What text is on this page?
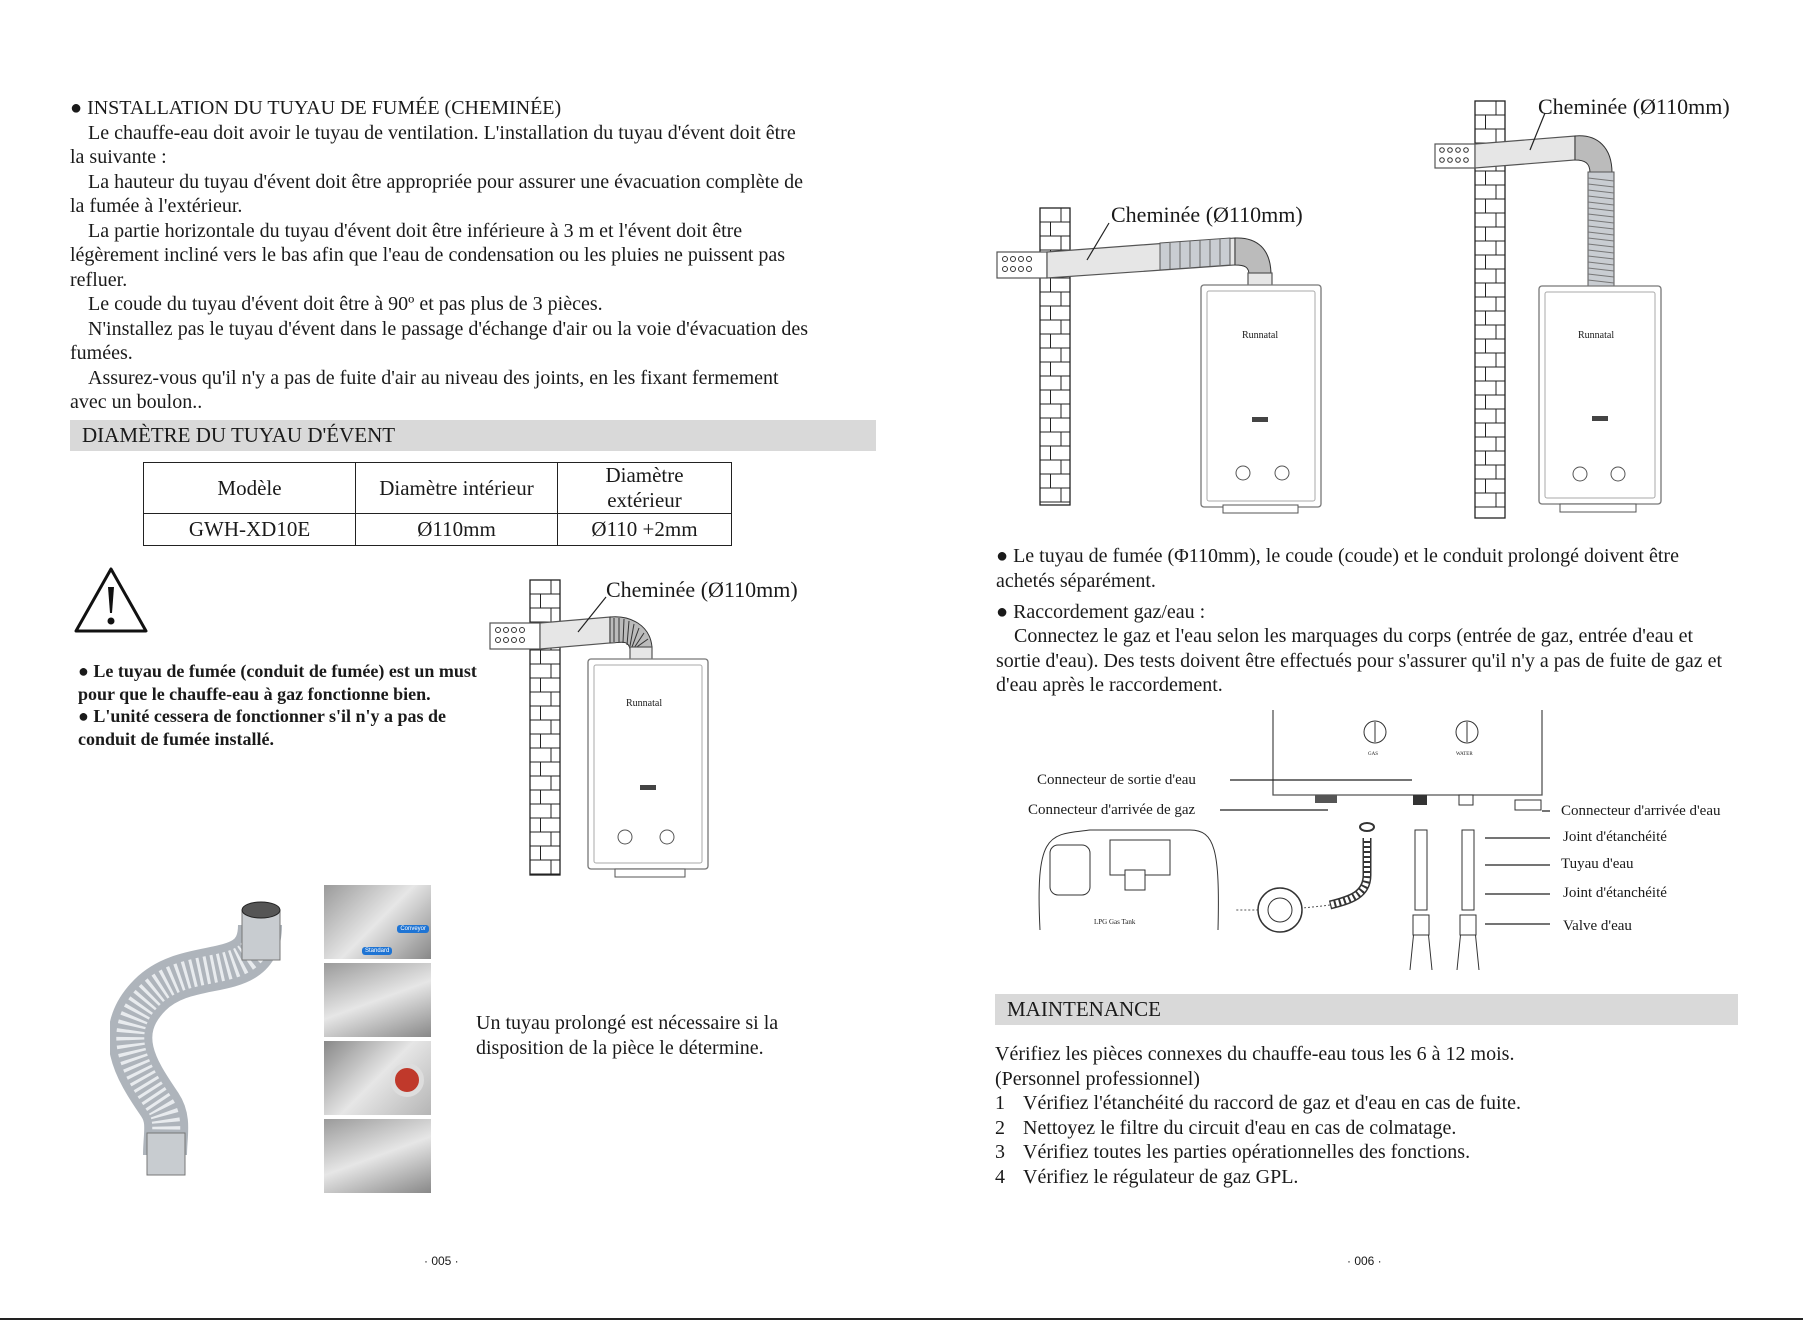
● INSTALLATION DU TUYAU DE FUMÉE (CHEMINÉE)

Le chauffe-eau doit avoir le tuyau de ventilation. L'installation du tuyau d'évent doit être la suivante :

La hauteur du tuyau d'évent doit être appropriée pour assurer une évacuation complète de la fumée à l'extérieur.

La partie horizontale du tuyau d'évent doit être inférieure à 3 m et l'évent doit être légèrement incliné vers le bas afin que l'eau de condensation ou les pluies ne puissent pas refluer.

Le coude du tuyau d'évent doit être à 90º et pas plus de 3 pièces.

N'installez pas le tuyau d'évent dans le passage d'échange d'air ou la voie d'évacuation des fumées.

Assurez-vous qu'il n'y a pas de fuite d'air au niveau des joints, en les fixant fermement avec un boulon..

DIAMÈTRE DU TUYAU D'ÉVENT
Modèle	Diamètre intérieur	Diamètre extérieur
GWH-XD10E	Ø110mm	Ø110 +2mm
● Le tuyau de fumée (conduit de fumée) est un must pour que le chauffe-eau à gaz fonctionne bien.
● L'unité cessera de fonctionner s'il n'y a pas de conduit de fumée installé.
Cheminée (Ø110mm)
Runnatal
Conveyor
Standard
Un tuyau prolongé est nécessaire si la disposition de la pièce le détermine.
· 005 ·
Cheminée (Ø110mm)
Runnatal
Cheminée (Ø110mm)
Runnatal
● Le tuyau de fumée (Φ110mm), le coude (coude) et le conduit prolongé doivent être achetés séparément.
● Raccordement gaz/eau :
Connectez le gaz et l'eau selon les marquages du corps (entrée de gaz, entrée d'eau et sortie d'eau). Des tests doivent être effectués pour s'assurer qu'il n'y a pas de fuite de gaz et d'eau après le raccordement.
Connecteur de sortie d'eau
Connecteur d'arrivée de gaz	Connecteur d'arrivée d'eau
Joint d'étanchéité
Tuyau d'eau
Joint d'étanchéité
Valve d'eau
LPG Gas Tank
GAS	WATER
MAINTENANCE

Vérifiez les pièces connexes du chauffe-eau tous les 6 à 12 mois.

(Personnel professionnel)

1 Vérifiez l'étanchéité du raccord de gaz et d'eau en cas de fuite.

2 Nettoyez le filtre du circuit d'eau en cas de colmatage.

3 Vérifiez toutes les parties opérationnelles des fonctions.

4 Vérifiez le régulateur de gaz GPL.

· 006 ·
